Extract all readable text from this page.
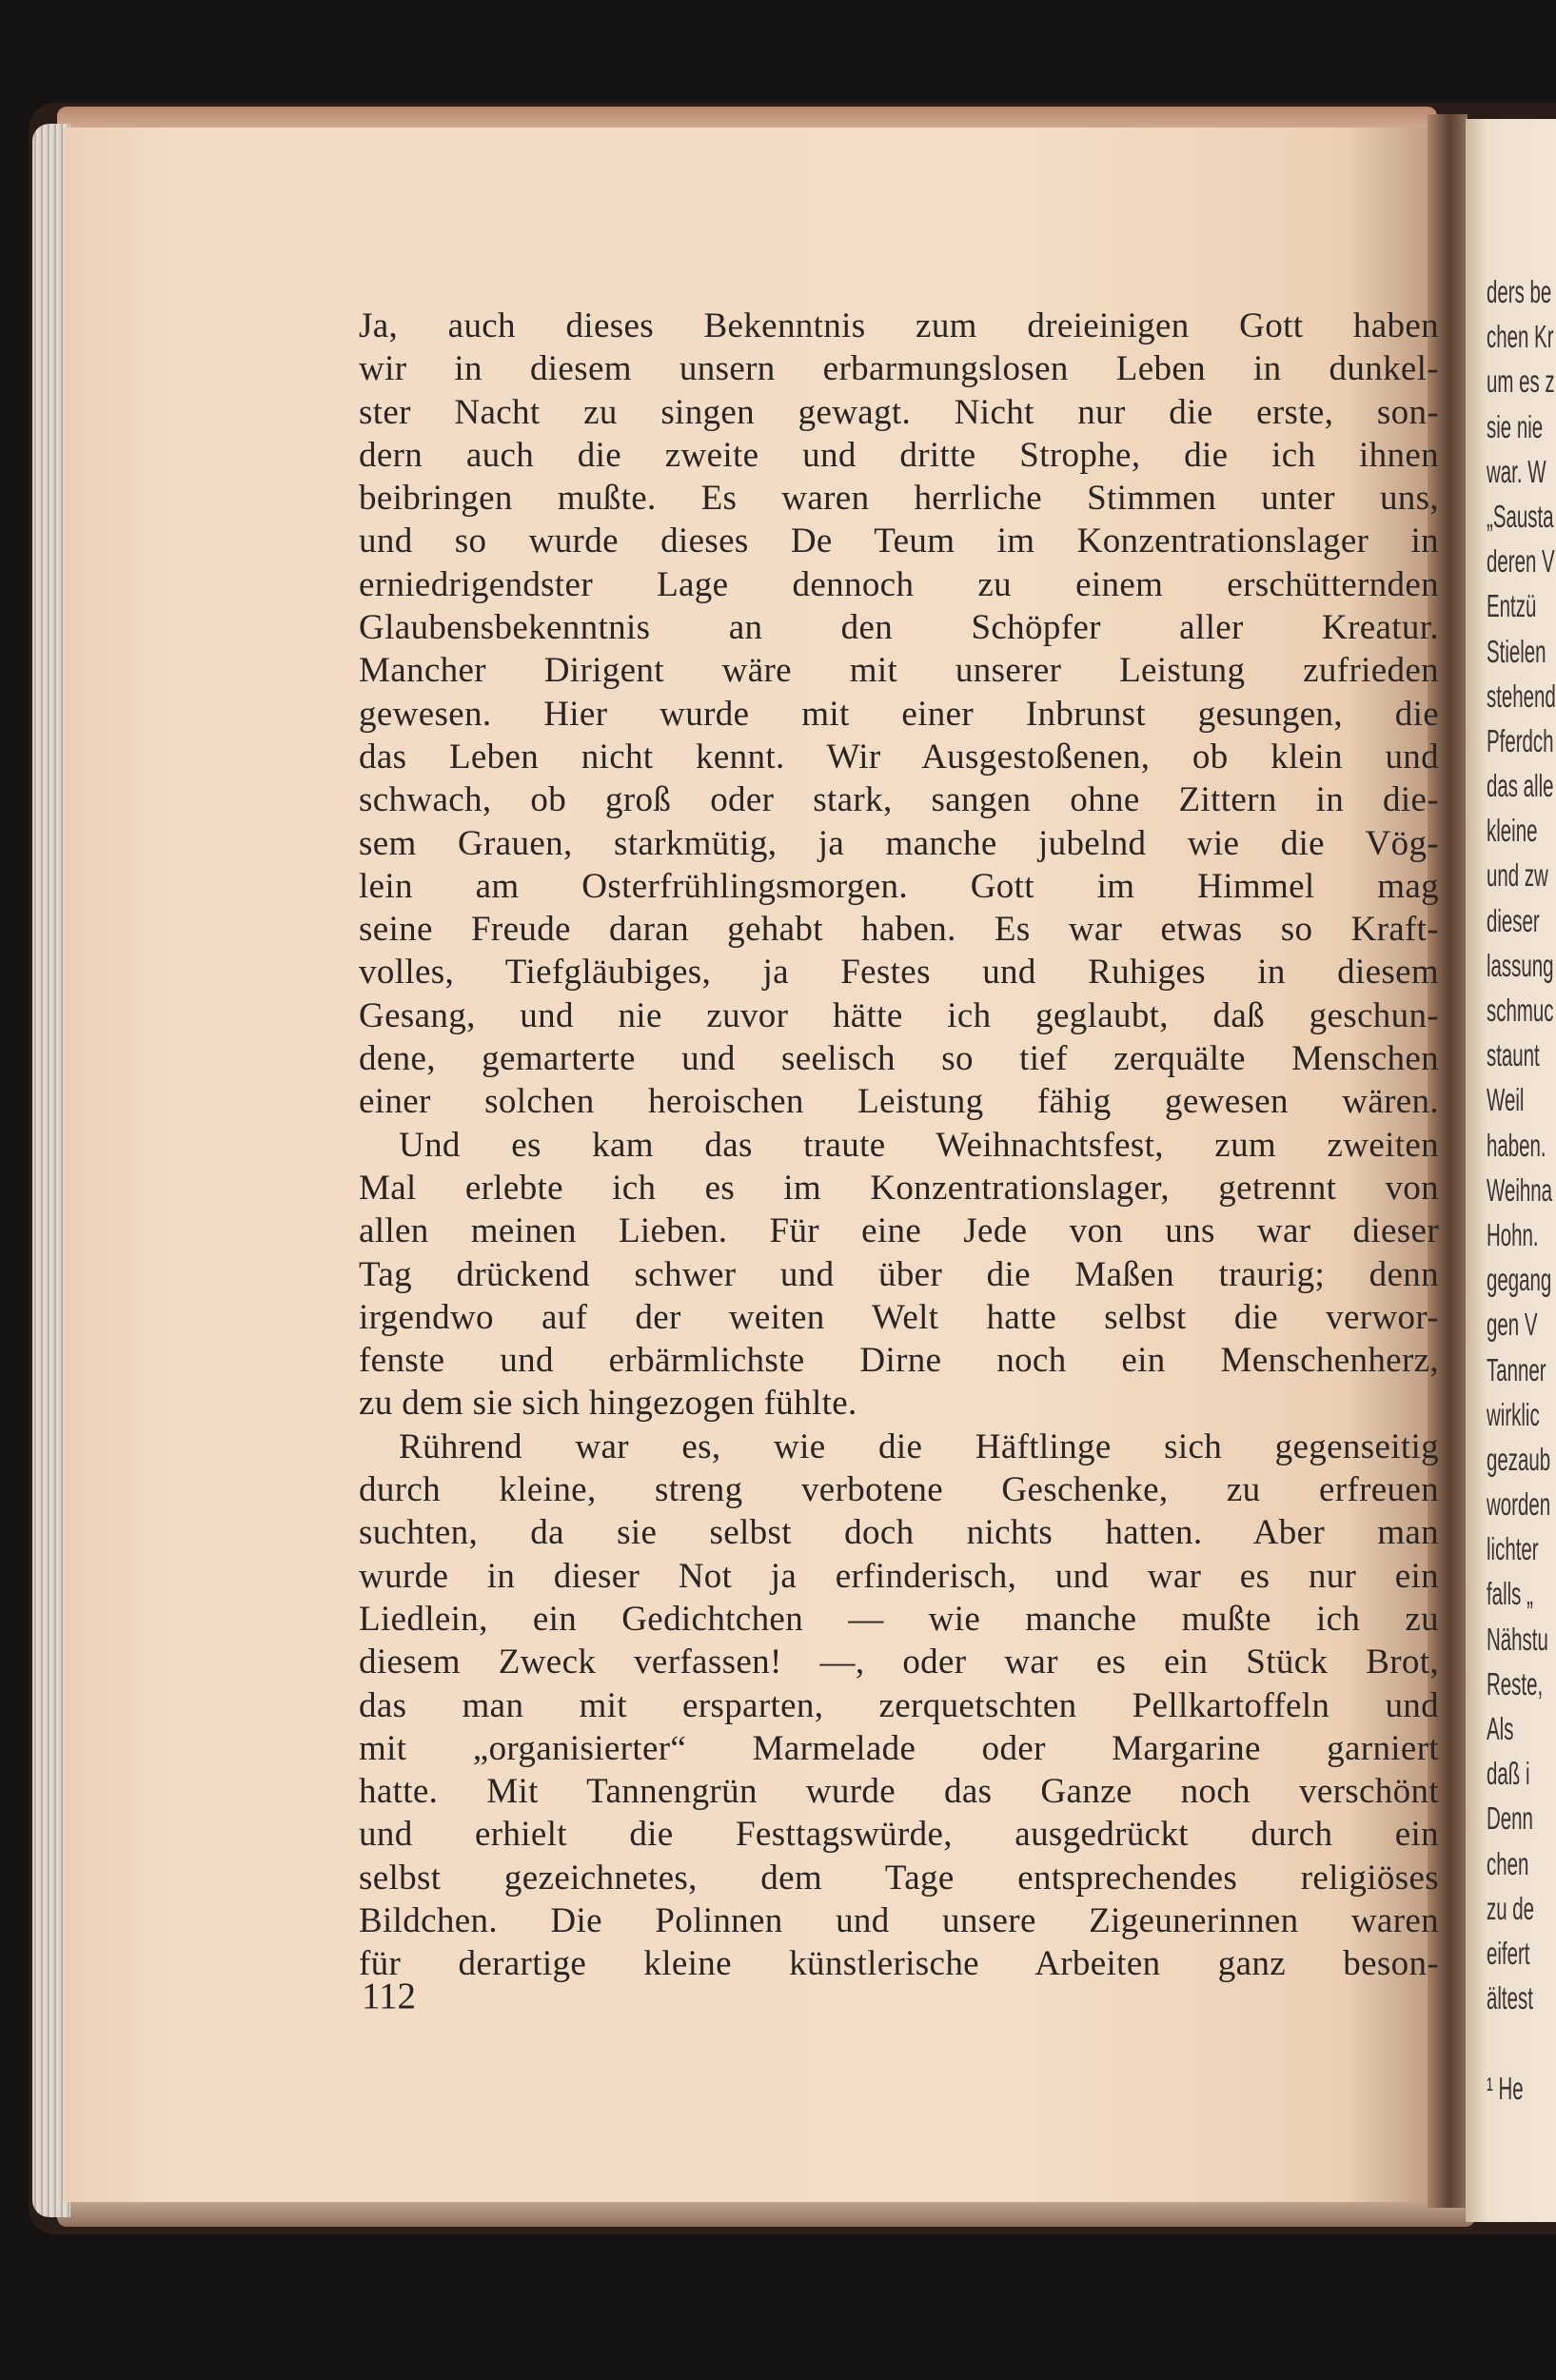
ders be
chen Kr
um es z
sie nie
war. W
„Sausta
deren V
Entzü
Stielen
stehend
Pferdch
das alle
kleine
und zw
dieser
lassung
schmuc
staunt
Weil
haben.
Weihna
Hohn.
gegang
gen V
Tanner
wirklic
gezaub
worden
lichter
falls „
Nähstu
Reste,
Als
daß i
Denn
chen
zu de
eifert
ältest
¹ He
Ja, auch dieses Bekenntnis zum dreieinigen Gott haben
wir in diesem unsern erbarmungslosen Leben in dunkel-
ster Nacht zu singen gewagt. Nicht nur die erste, son-
dern auch die zweite und dritte Strophe, die ich ihnen
beibringen mußte. Es waren herrliche Stimmen unter uns,
und so wurde dieses De Teum im Konzentrationslager in
erniedrigendster Lage dennoch zu einem erschütternden
Glaubensbekenntnis an den Schöpfer aller Kreatur.
Mancher Dirigent wäre mit unserer Leistung zufrieden
gewesen. Hier wurde mit einer Inbrunst gesungen, die
das Leben nicht kennt. Wir Ausgestoßenen, ob klein und
schwach, ob groß oder stark, sangen ohne Zittern in die-
sem Grauen, starkmütig, ja manche jubelnd wie die Vög-
lein am Osterfrühlingsmorgen. Gott im Himmel mag
seine Freude daran gehabt haben. Es war etwas so Kraft-
volles, Tiefgläubiges, ja Festes und Ruhiges in diesem
Gesang, und nie zuvor hätte ich geglaubt, daß geschun-
dene, gemarterte und seelisch so tief zerquälte Menschen
einer solchen heroischen Leistung fähig gewesen wären.
Und es kam das traute Weihnachtsfest, zum zweiten
Mal erlebte ich es im Konzentrationslager, getrennt von
allen meinen Lieben. Für eine Jede von uns war dieser
Tag drückend schwer und über die Maßen traurig; denn
irgendwo auf der weiten Welt hatte selbst die verwor-
fenste und erbärmlichste Dirne noch ein Menschenherz,
zu dem sie sich hingezogen fühlte.
Rührend war es, wie die Häftlinge sich gegenseitig
durch kleine, streng verbotene Geschenke, zu erfreuen
suchten, da sie selbst doch nichts hatten. Aber man
wurde in dieser Not ja erfinderisch, und war es nur ein
Liedlein, ein Gedichtchen — wie manche mußte ich zu
diesem Zweck verfassen! —, oder war es ein Stück Brot,
das man mit ersparten, zerquetschten Pellkartoffeln und
mit „organisierter“ Marmelade oder Margarine garniert
hatte. Mit Tannengrün wurde das Ganze noch verschönt
und erhielt die Festtagswürde, ausgedrückt durch ein
selbst gezeichnetes, dem Tage entsprechendes religiöses
Bildchen. Die Polinnen und unsere Zigeunerinnen waren
für derartige kleine künstlerische Arbeiten ganz beson-

112
